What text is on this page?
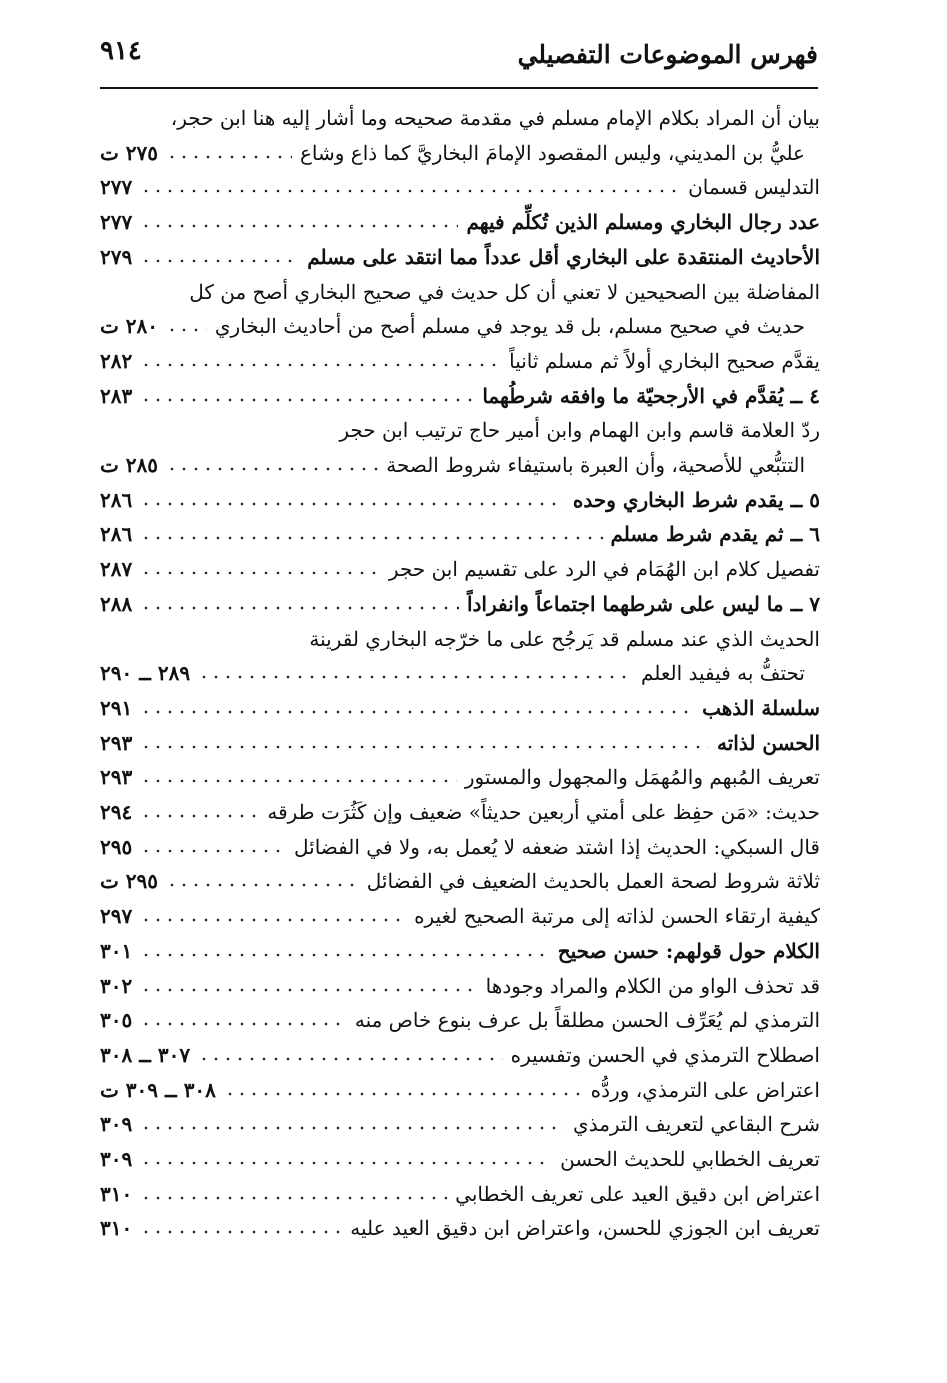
فهرس الموضوعات التفصيلي
٩١٤
بيان أن المراد بكلام الإمام مسلم في مقدمة صحيحه وما أشار إليه هنا ابن حجر،
عليُّ بن المديني، وليس المقصود الإمامَ البخاريَّ كما ذاع وشاع
٢٧٥ ت
التدليس قسمان
٢٧٧
عدد رجال البخاري ومسلم الذين تُكلِّم فيهم
٢٧٧
الأحاديث المنتقدة على البخاري أقل عدداً مما انتقد على مسلم
٢٧٩
المفاضلة بين الصحيحين لا تعني أن كل حديث في صحيح البخاري أصح من كل
حديث في صحيح مسلم، بل قد يوجد في مسلم أصح من أحاديث البخاري
٢٨٠ ت
يقدَّم صحيح البخاري أولاً ثم مسلم ثانياً
٢٨٢
٤ ــ يُقدَّم في الأرجحيّة ما وافقه شرطُهما
٢٨٣
ردّ العلامة قاسم وابن الهمام وابن أمير حاج ترتيب ابن حجر
التتبُّعي للأصحية، وأن العبرة باستيفاء شروط الصحة
٢٨٥ ت
٥ ــ يقدم شرط البخاري وحده
٢٨٦
٦ ــ ثم يقدم شرط مسلم
٢٨٦
تفصيل كلام ابن الهُمَام في الرد على تقسيم ابن حجر
٢٨٧
٧ ــ ما ليس على شرطهما اجتماعاً وانفراداً
٢٨٨
الحديث الذي عند مسلم قد يَرجُح على ما خرّجه البخاري لقرينة
تحتفُّ به فيفيد العلم
٢٨٩ ــ ٢٩٠
سلسلة الذهب
٢٩١
الحسن لذاته
٢٩٣
تعريف المُبهم والمُهمَل والمجهول والمستور
٢٩٣
حديث: «مَن حفِظ على أمتي أربعين حديثاً» ضعيف وإن كَثُرَت طرقه
٢٩٤
قال السبكي: الحديث إذا اشتد ضعفه لا يُعمل به، ولا في الفضائل
٢٩٥
ثلاثة شروط لصحة العمل بالحديث الضعيف في الفضائل
٢٩٥ ت
كيفية ارتقاء الحسن لذاته إلى مرتبة الصحيح لغيره
٢٩٧
الكلام حول قولهم: حسن صحيح
٣٠١
قد تحذف الواو من الكلام والمراد وجودها
٣٠٢
الترمذي لم يُعَرِّف الحسن مطلقاً بل عرف بنوع خاص منه
٣٠٥
اصطلاح الترمذي في الحسن وتفسيره
٣٠٧ ــ ٣٠٨
اعتراض على الترمذي، وردُّه
٣٠٨ ــ ٣٠٩ ت
شرح البقاعي لتعريف الترمذي
٣٠٩
تعريف الخطابي للحديث الحسن
٣٠٩
اعتراض ابن دقيق العيد على تعريف الخطابي
٣١٠
تعريف ابن الجوزي للحسن، واعتراض ابن دقيق العيد عليه
٣١٠
